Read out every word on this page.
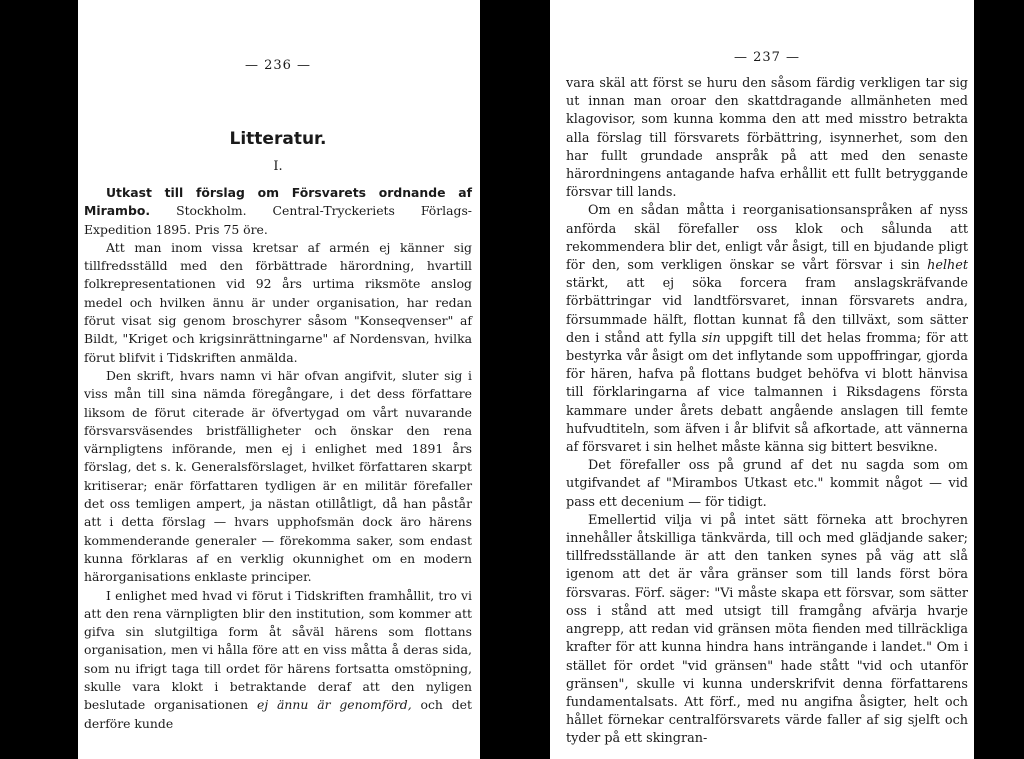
— 236 —
Litteratur.
I.

Utkast till förslag om Försvarets ordnande af Mirambo. Stockholm. Central-Tryckeriets Förlags-Expedition 1895. Pris 75 öre.

Att man inom vissa kretsar af armén ej känner sig tillfredsställd med den förbättrade härordning, hvartill folkrepresentationen vid 92 års urtima riksmöte anslog medel och hvilken ännu är under organisation, har redan förut visat sig genom broschyrer såsom "Konseqvenser" af Bildt, "Kriget och krigsinrättningarne" af Nordensvan, hvilka förut blifvit i Tidskriften anmälda.

Den skrift, hvars namn vi här ofvan angifvit, sluter sig i viss mån till sina nämda föregångare, i det dess författare liksom de förut citerade är öfvertygad om vårt nuvarande försvarsväsendes bristfälligheter och önskar den rena värnpligtens införande, men ej i enlighet med 1891 års förslag, det s. k. Generalsförslaget, hvilket författaren skarpt kritiserar; enär författaren tydligen är en militär förefaller det oss temligen ampert, ja nästan otillåtligt, då han påstår att i detta förslag — hvars upphofsmän dock äro härens kommenderande generaler — förekomma saker, som endast kunna förklaras af en verklig okunnighet om en modern härorganisations enklaste principer.

I enlighet med hvad vi förut i Tidskriften framhållit, tro vi att den rena värnpligten blir den institution, som kommer att gifva sin slutgiltiga form åt såväl härens som flottans organisation, men vi hålla före att en viss måtta å deras sida, som nu ifrigt taga till ordet för härens fortsatta omstöpning, skulle vara klokt i betraktande deraf att den nyligen beslutade organisationen ej ännu är genomförd, och det derföre kunde

— 237 —

vara skäl att först se huru den såsom färdig verkligen tar sig ut innan man oroar den skattdragande allmänheten med klagovisor, som kunna komma den att med misstro betrakta alla förslag till försvarets förbättring, isynnerhet, som den har fullt grundade anspråk på att med den senaste härordningens antagande hafva erhållit ett fullt betryggande försvar till lands.

Om en sådan måtta i reorganisationsanspråken af nyss anförda skäl förefaller oss klok och sålunda att rekommendera blir det, enligt vår åsigt, till en bjudande pligt för den, som verkligen önskar se vårt försvar i sin helhet stärkt, att ej söka forcera fram anslagskräfvande förbättringar vid landtförsvaret, innan försvarets andra, försummade hälft, flottan kunnat få den tillväxt, som sätter den i stånd att fylla sin uppgift till det helas fromma; för att bestyrka vår åsigt om det inflytande som uppoffringar, gjorda för hären, hafva på flottans budget behöfva vi blott hänvisa till förklaringarna af vice talmannen i Riksdagens första kammare under årets debatt angående anslagen till femte hufvudtiteln, som äfven i år blifvit så afkortade, att vännerna af försvaret i sin helhet måste känna sig bittert besvikne.

Det förefaller oss på grund af det nu sagda som om utgifvandet af "Mirambos Utkast etc." kommit något — vid pass ett decenium — för tidigt.

Emellertid vilja vi på intet sätt förneka att brochyren innehåller åtskilliga tänkvärda, till och med glädjande saker; tillfredsställande är att den tanken synes på väg att slå igenom att det är våra gränser som till lands först böra försvaras. Förf. säger: "Vi måste skapa ett försvar, som sätter oss i stånd att med utsigt till framgång afvärja hvarje angrepp, att redan vid gränsen möta fienden med tillräckliga krafter för att kunna hindra hans inträngande i landet." Om i stället för ordet "vid gränsen" hade stått "vid och utanför gränsen", skulle vi kunna underskrifvit denna författarens fundamentalsats. Att förf., med nu angifna åsigter, helt och hållet förnekar centralförsvarets värde faller af sig sjelft och tyder på ett skingran-
